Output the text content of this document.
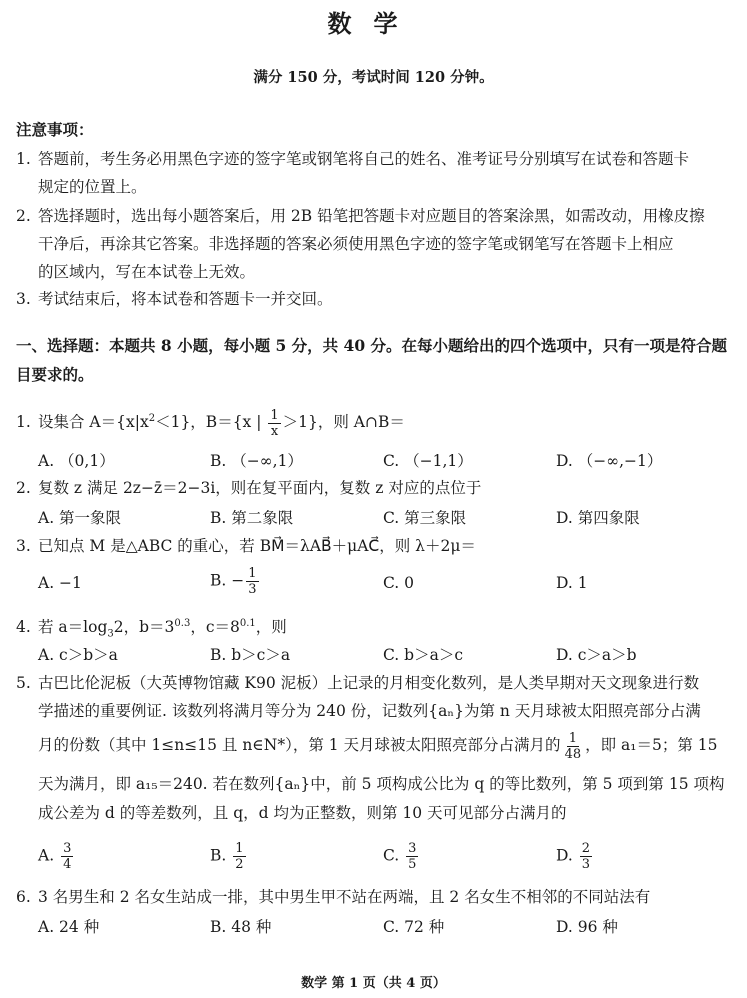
数学
满分 150 分，考试时间 120 分钟。
注意事项：
1. 答题前，考生务必用黑色字迹的签字笔或钢笔将自己的姓名、准考证号分别填写在试卷和答题卡
规定的位置上。
2. 答选择题时，选出每小题答案后，用 2B 铅笔把答题卡对应题目的答案涂黑，如需改动，用橡皮擦
干净后，再涂其它答案。非选择题的答案必须使用黑色字迹的签字笔或钢笔写在答题卡上相应
的区域内，写在本试卷上无效。
3. 考试结束后，将本试卷和答题卡一并交回。
一、选择题：本题共 8 小题，每小题 5 分，共 40 分。在每小题给出的四个选项中，只有一项是符合题
目要求的。
1. 设集合 $A=\{x|x^2<1\}$，B＝{x | $\frac{1}{x} >1$}，则 A∩B＝
A. （0,1）	B. （−∞,1）	C. （−1,1）	D. （−∞,−1）
2. 复数 z 满足 2z−z̄＝2−3i，则在复平面内，复数 z 对应的点位于
A. 第一象限	B. 第二象限	C. 第三象限	D. 第四象限
3. 已知点 M 是△ABC 的重心，若 BM⃗＝λAB⃗＋μAC⃗，则 λ＋2μ＝
A. −1	B. − $\frac{1}{3}$	C. 0	D. 1
4. 若 $a=\log_32$，$b=3^{0.3}$，$c=8^{0.1}$，则
A. c＞b＞a	B. b＞c＞a	C. b＞a＞c	D. c＞a＞b
5. 古巴比伦泥板（大英博物馆藏 K90 泥板）上记录的月相变化数列，是人类早期对天文现象进行数
学描述的重要例证. 该数列将满月等分为 240 份，记数列{aₙ}为第 n 天月球被太阳照亮部分占满
月的份数（其中 1≤n≤15 且 n∈N*），第 1 天月球被太阳照亮部分占满月的 $\frac{1}{48}$ ，即 a₁＝5；第 15
天为满月，即 a₁₅＝240. 若在数列{aₙ}中，前 5 项构成公比为 q 的等比数列，第 5 项到第 15 项构
成公差为 d 的等差数列，且 q，d 均为正整数，则第 10 天可见部分占满月的
A. $\frac{3}{4}$	B. $\frac{1}{2}$	C. $\frac{3}{5}$	D. $\frac{2}{3}$
6. 3 名男生和 2 名女生站成一排，其中男生甲不站在两端，且 2 名女生不相邻的不同站法有
A. 24 种	B. 48 种	C. 72 种	D. 96 种
数学 第 1 页（共 4 页）
